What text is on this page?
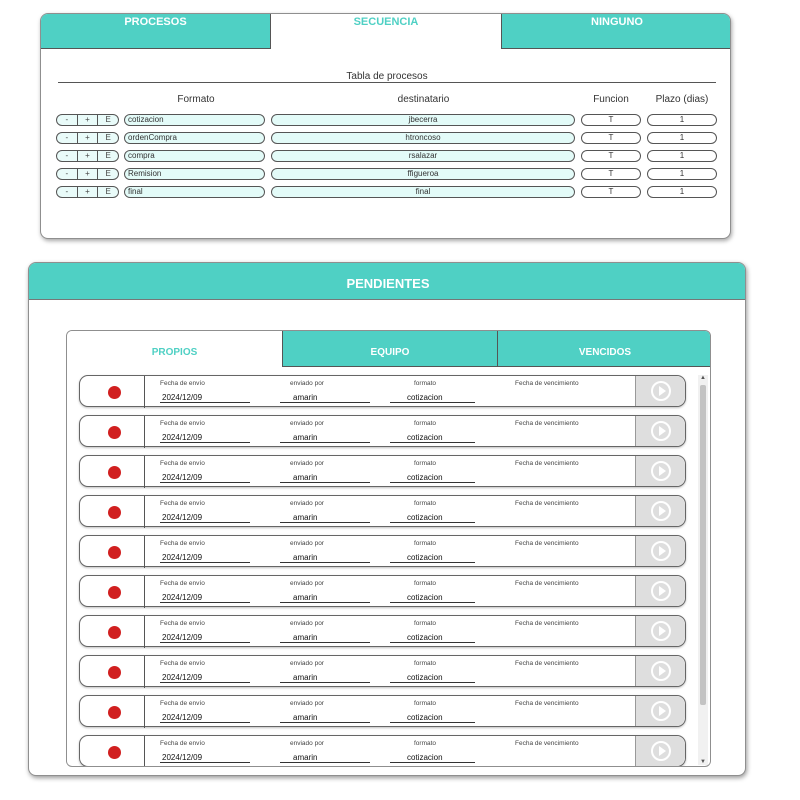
PROCESOS	SECUENCIA	NINGUNO
Tabla de procesos
Formato	destinatario	Funcion	Plazo (dias)
-	+	E	cotizacion	jbecerra	T	1
-	+	E	ordenCompra	htroncoso	T	1
-	+	E	compra	rsalazar	T	1
-	+	E	Remision	ffigueroa	T	1
-	+	E	final	final	T	1
PENDIENTES
PROPIOS	EQUIPO	VENCIDOS
Fecha de envío
2024/12/09
enviado por
amarin
formato
cotizacion
Fecha de vencimiento
Fecha de envío
2024/12/09
enviado por
amarin
formato
cotizacion
Fecha de vencimiento
Fecha de envío
2024/12/09
enviado por
amarin
formato
cotizacion
Fecha de vencimiento
Fecha de envío
2024/12/09
enviado por
amarin
formato
cotizacion
Fecha de vencimiento
Fecha de envío
2024/12/09
enviado por
amarin
formato
cotizacion
Fecha de vencimiento
Fecha de envío
2024/12/09
enviado por
amarin
formato
cotizacion
Fecha de vencimiento
Fecha de envío
2024/12/09
enviado por
amarin
formato
cotizacion
Fecha de vencimiento
Fecha de envío
2024/12/09
enviado por
amarin
formato
cotizacion
Fecha de vencimiento
Fecha de envío
2024/12/09
enviado por
amarin
formato
cotizacion
Fecha de vencimiento
Fecha de envío
2024/12/09
enviado por
amarin
formato
cotizacion
Fecha de vencimiento
▲
▼
